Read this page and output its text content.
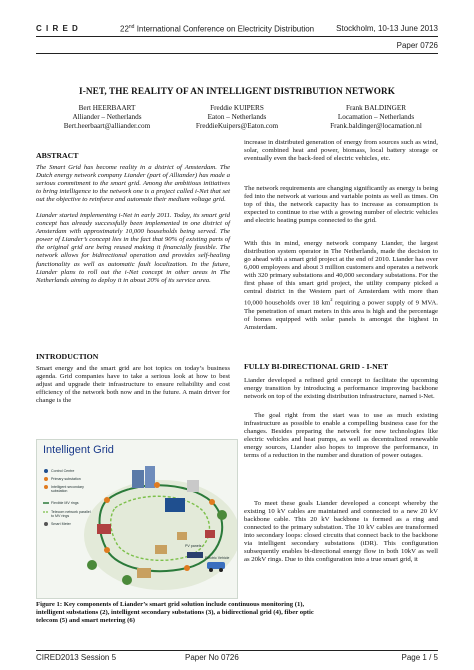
C I R E D	22nd International Conference on Electricity Distribution	Stockholm, 10-13 June 2013
Paper 0726
I-NET, THE REALITY OF AN INTELLIGENT DISTRIBUTION NETWORK
Bert HEERBAART
Alliander – Netherlands
Bert.heerbaart@alliander.com
Freddie KUIPERS
Eaton – Netherlands
FreddieKuipers@Eaton.com
Frank BALDINGER
Locamation – Netherlands
Frank.baldinger@locamation.nl
ABSTRACT

The Smart Grid has become reality in a district of Amsterdam. The Dutch energy network company Liander (part of Alliander) has made a serious commitment to the smart grid. Among the ambitious initiatives to bring intelligence to the network one is a project called i-Net that set out the objective to reinforce and automate their medium voltage grid.

Liander started implementing i-Net in early 2011. Today, its smart grid concept has already successfully been implemented in one district of Amsterdam with approximately 10,000 households being served. The power of Liander’s concept lies in the fact that 90% of existing parts of the original grid are being reused making it financially feasible. The network allows for bidirectional operation and provides self-healing functionality as well as automatic fault localization. In the future, Liander plans to roll out the i-Net concept in other areas in The Netherlands aiming to deploy it in about 20% of its service area.

INTRODUCTION
Smart energy and the smart grid are hot topics on today’s business agenda. Grid companies have to take a serious look at how to best adjust and upgrade their infrastructure to ensure reliability and cost efficiency of the network both now and in the future. A main driver for change is the
Intelligent Grid
Control Centre
Primary substation
Intelligent secondary substation
Flexible MV rings
Telecom network parallel to MV rings
Smart Meter
PV panels
Electric Vehicle
Figure 1: Key components of Liander’s smart grid solution include continuous monitoring (1), intelligent substations (2), intelligent secondary substations (3), a bidirectional grid (4), fiber optic telecom (5) and smart metering (6)
increase in distributed generation of energy from sources such as wind, solar, combined heat and power, biomass, local battery storage or eventually even the back-feed of electric vehicles, etc.
The network requirements are changing significantly as energy is being fed into the network at various and variable points as well as times. On top of this, the network capacity has to increase as consumption is expected to continue to rise with a growing number of electric vehicles and electric heating pumps connected to the grid.
With this in mind, energy network company Liander, the largest distribution system operator in The Netherlands, made the decision to go ahead with a smart grid project at the end of 2010. Liander has over 6,000 employees and about 3 million customers and operates a network with 320 primary substations and 40,000 secondary substations. For the first phase of this smart grid project, the utility company picked a central district in the Western part of Amsterdam with more than 10,000 households over 18 $km^2$ requiring a power supply of 9 MVA. The penetration of smart meters in this area is high and the percentage of homes equipped with solar panels is amongst the highest in Amsterdam.
FULLY BI-DIRECTIONAL GRID - I-NET
Liander developed a refined grid concept to facilitate the upcoming energy transition by introducing a performance improving backbone network on top of the existing distribution infrastructure, named i-Net.
The goal right from the start was to use as much existing infrastructure as possible to enable a compelling business case for the changes. Besides preparing the network for new technologies like electric vehicles and heat pumps, as well as decentralized renewable energy sources, Liander also hopes to improve the performance, in terms of a reduction in the number and duration of power outages.
To meet these goals Liander developed a concept whereby the existing 10 kV cables are maintained and connected to a new 20 kV backbone cable. This 20 kV backbone is formed as a ring and connected to the primary substation. The 10 kV cables are transformed into secondary loops: closed circuits that connect back to the backbone via intelligent secondary substations (iDR). This configuration subsequently enables bi-directional energy flow in both 10kV as well as 20kV rings. Due to this configuration into a true smart grid, it
CIRED2013 Session 5	Paper No 0726	Page 1 / 5
